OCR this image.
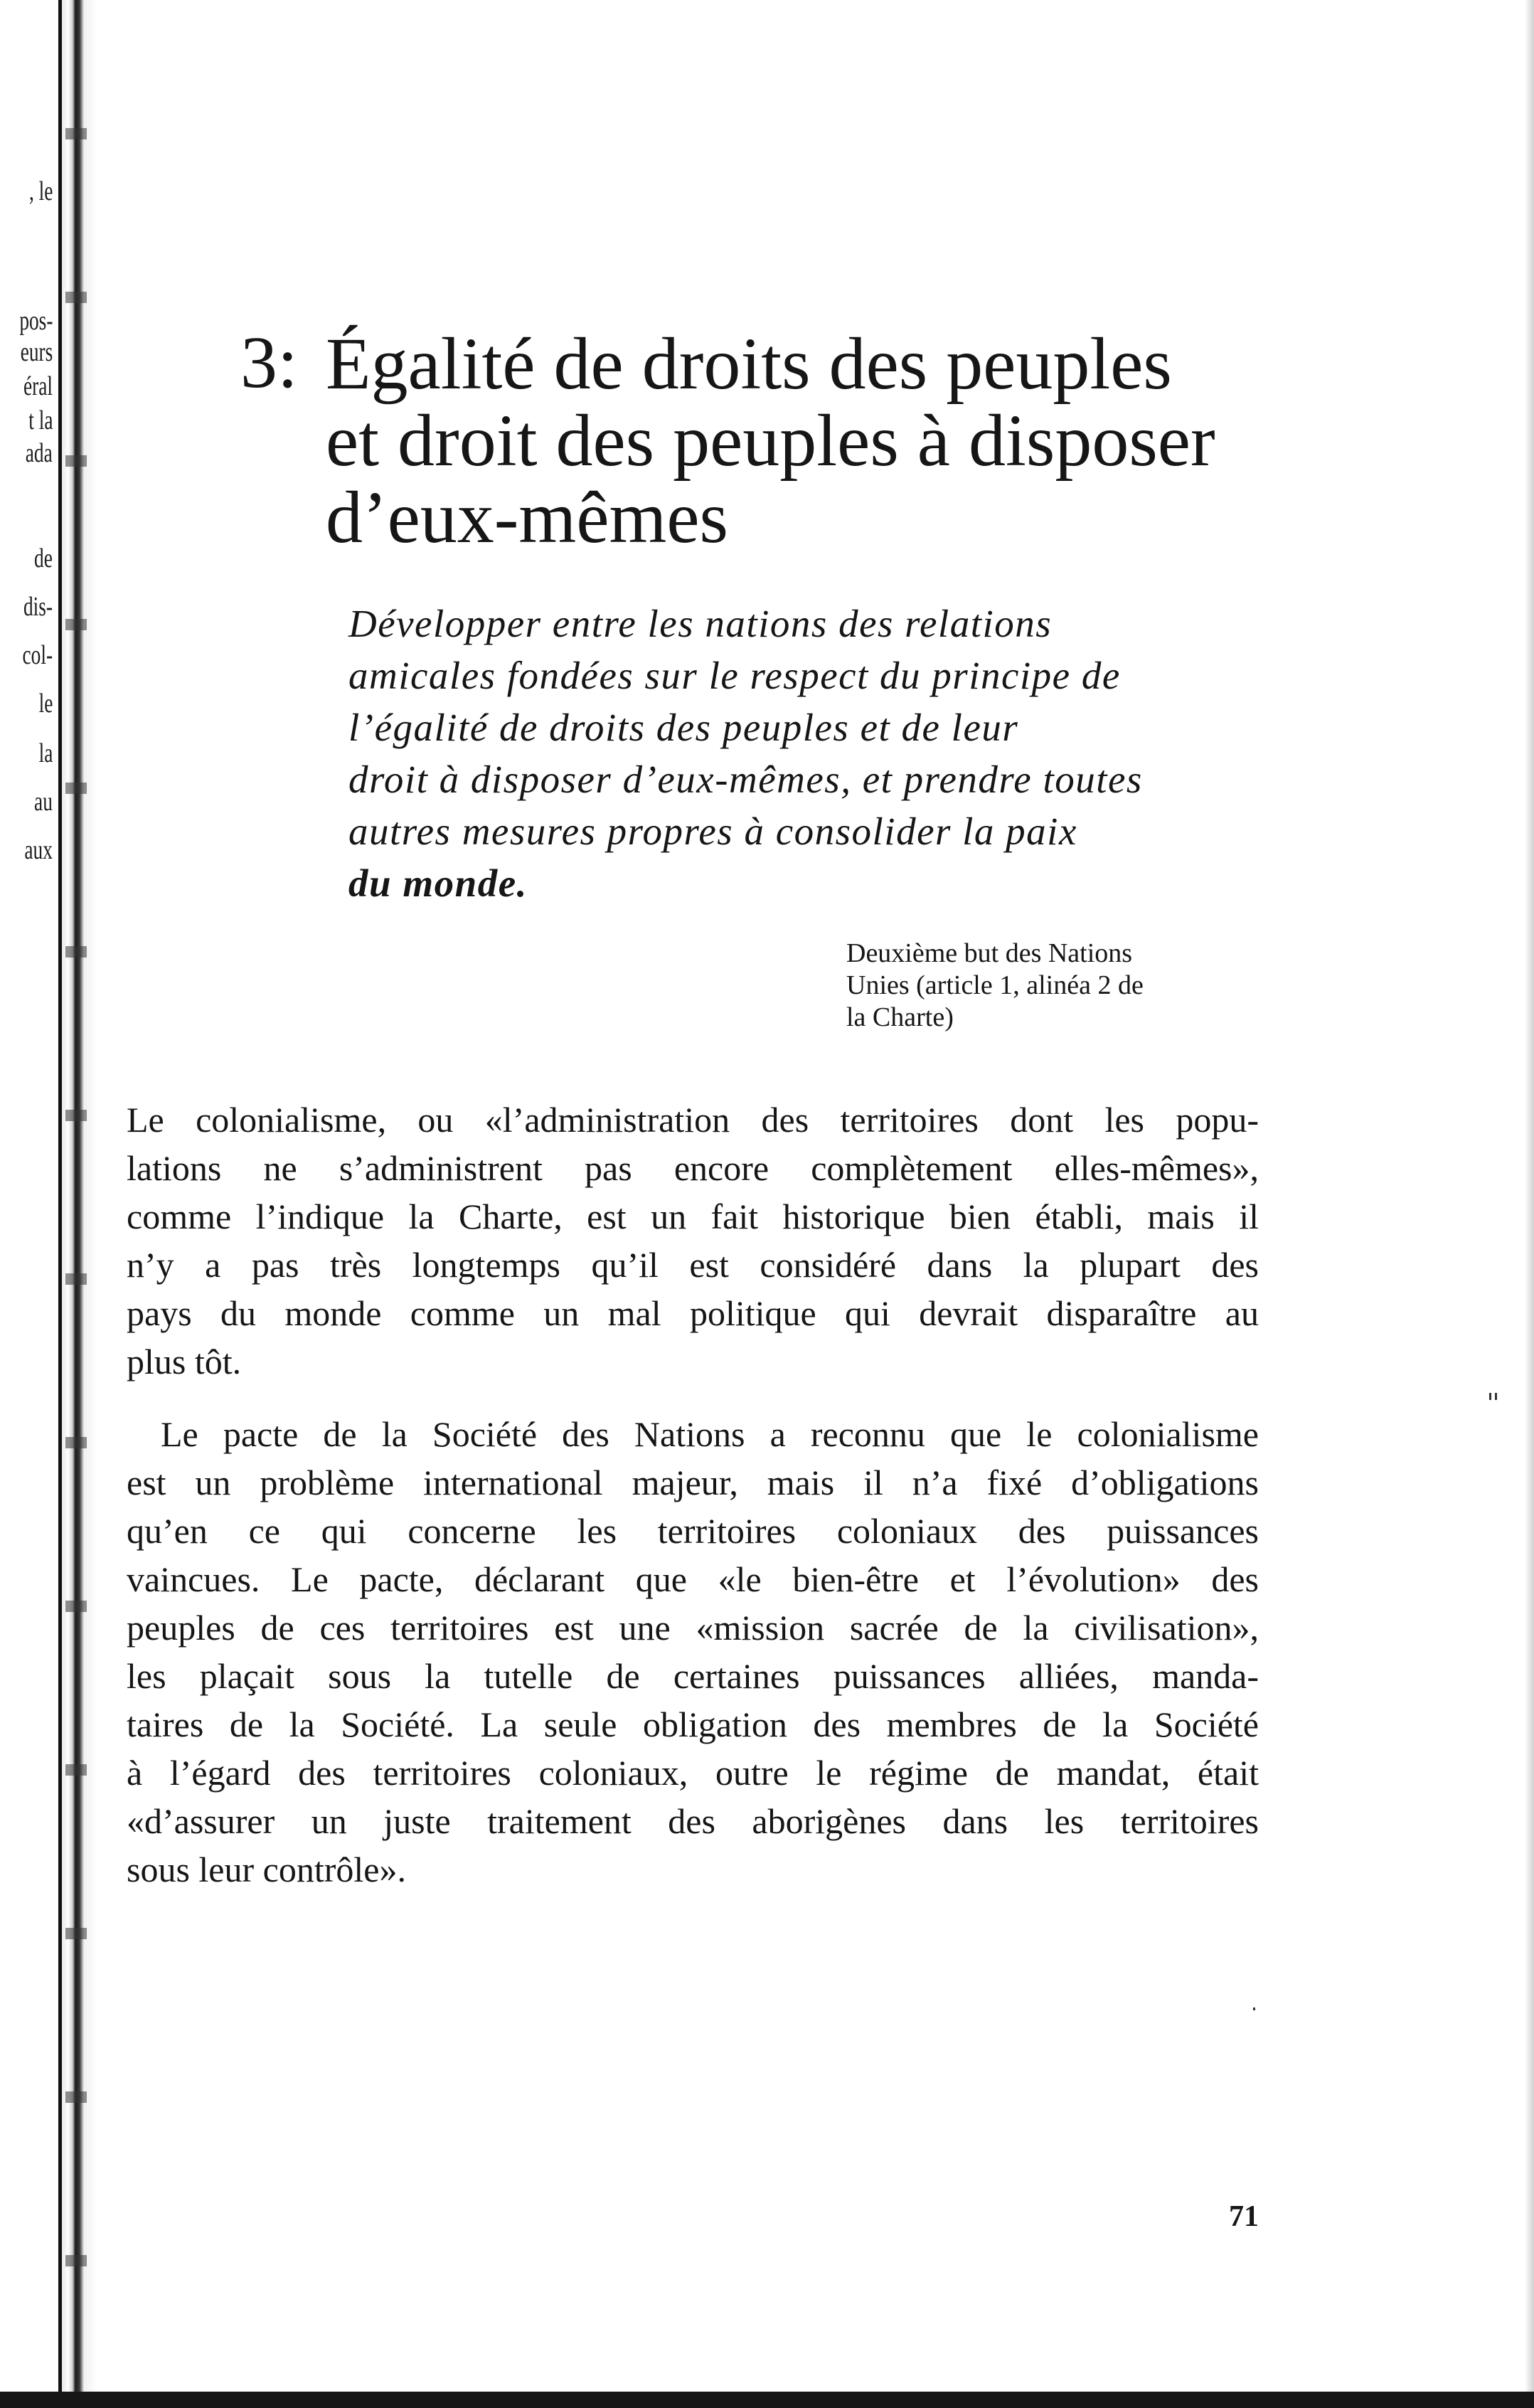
, le
pos-
eurs
éral
t la
ada
de
dis-
col-
le
la
au
aux
3: Égalité de droits des peuples
et droit des peuples à disposer
d’eux-mêmes

Développer entre les nations des relations
amicales fondées sur le respect du principe de
l’égalité de droits des peuples et de leur
droit à disposer d’eux-mêmes, et prendre toutes
autres mesures propres à consolider la paix
du monde.

Deuxième but des Nations
Unies (article 1, alinéa 2 de
la Charte)

Le colonialisme, ou «l’administration des territoires dont les popu-
lations ne s’administrent pas encore complètement elles-mêmes»,
comme l’indique la Charte, est un fait historique bien établi, mais il
n’y a pas très longtemps qu’il est considéré dans la plupart des
pays du monde comme un mal politique qui devrait disparaître au
plus tôt.

Le pacte de la Société des Nations a reconnu que le colonialisme
est un problème international majeur, mais il n’a fixé d’obligations
qu’en ce qui concerne les territoires coloniaux des puissances
vaincues. Le pacte, déclarant que «le bien-être et l’évolution» des
peuples de ces territoires est une «mission sacrée de la civilisation»,
les plaçait sous la tutelle de certaines puissances alliées, manda-
taires de la Société. La seule obligation des membres de la Société
à l’égard des territoires coloniaux, outre le régime de mandat, était
«d’assurer un juste traitement des aborigènes dans les territoires
sous leur contrôle».

71
